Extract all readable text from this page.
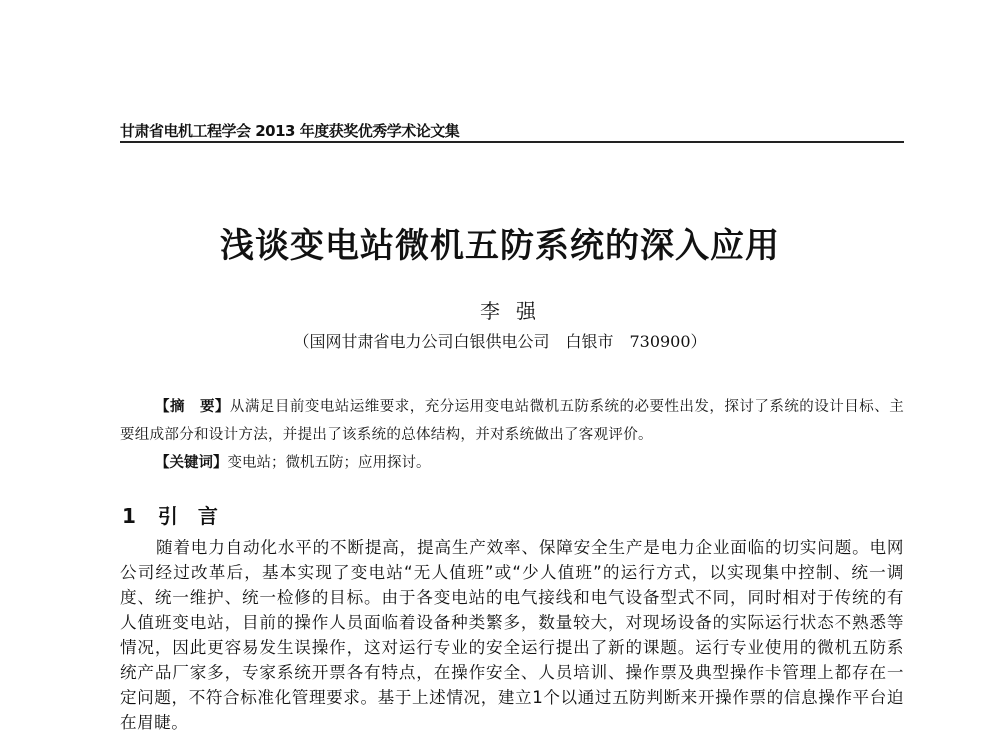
甘肃省电机工程学会 2013 年度获奖优秀学术论文集
浅谈变电站微机五防系统的深入应用
李强
（国网甘肃省电力公司白银供电公司　白银市　730900）
【摘　要】从满足目前变电站运维要求，充分运用变电站微机五防系统的必要性出发，探讨了系统的设计目标、主要组成部分和设计方法，并提出了该系统的总体结构，并对系统做出了客观评价。
【关键词】变电站；微机五防；应用探讨。
1 引言
随着电力自动化水平的不断提高，提高生产效率、保障安全生产是电力企业面临的切实问题。电网公司经过改革后，基本实现了变电站“无人值班”或“少人值班”的运行方式，以实现集中控制、统一调度、统一维护、统一检修的目标。由于各变电站的电气接线和电气设备型式不同，同时相对于传统的有人值班变电站，目前的操作人员面临着设备种类繁多，数量较大，对现场设备的实际运行状态不熟悉等情况，因此更容易发生误操作，这对运行专业的安全运行提出了新的课题。运行专业使用的微机五防系统产品厂家多，专家系统开票各有特点，在操作安全、人员培训、操作票及典型操作卡管理上都存在一定问题，不符合标准化管理要求。基于上述情况，建立1个以通过五防判断来开操作票的信息操作平台迫在眉睫。
